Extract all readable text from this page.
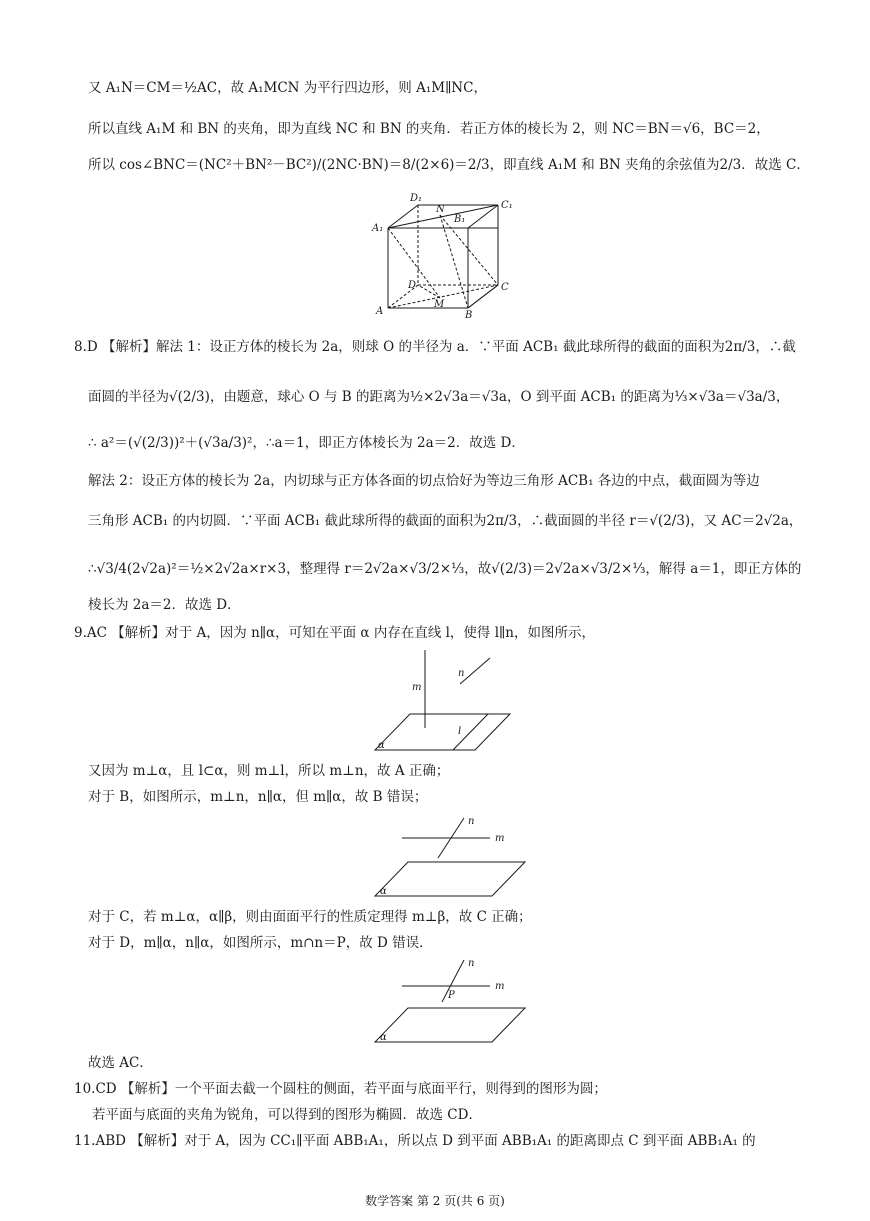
又 A₁N＝CM＝½AC，故 A₁MCN 为平行四边形，则 A₁M∥NC，
所以直线 A₁M 和 BN 的夹角，即为直线 NC 和 BN 的夹角．若正方体的棱长为 2，则 NC＝BN＝√6，BC＝2，
所以 cos∠BNC＝(NC²＋BN²－BC²)/(2NC·BN)＝8/(2×6)＝2/3，即直线 A₁M 和 BN 夹角的余弦值为2/3．故选 C．
D₁
N
B₁
C₁
A₁
D
M
C
A	B
8.D 【解析】解法 1：设正方体的棱长为 2a，则球 O 的半径为 a．∵平面 ACB₁ 截此球所得的截面的面积为2π/3，∴截
面圆的半径为√(2/3)，由题意，球心 O 与 B 的距离为½×2√3a＝√3a，O 到平面 ACB₁ 的距离为⅓×√3a＝√3a/3，
∴ a²＝(√(2/3))²＋(√3a/3)²，∴a＝1，即正方体棱长为 2a＝2．故选 D．
解法 2：设正方体的棱长为 2a，内切球与正方体各面的切点恰好为等边三角形 ACB₁ 各边的中点，截面圆为等边
三角形 ACB₁ 的内切圆．∵平面 ACB₁ 截此球所得的截面的面积为2π/3，∴截面圆的半径 r＝√(2/3)，又 AC＝2√2a，
∴√3/4(2√2a)²＝½×2√2a×r×3，整理得 r＝2√2a×√3/2×⅓，故√(2/3)＝2√2a×√3/2×⅓，解得 a＝1，即正方体的
棱长为 2a＝2．故选 D．
9.AC 【解析】对于 A，因为 n∥α，可知在平面 α 内存在直线 l，使得 l∥n，如图所示，
m
n
l
α
又因为 m⊥α，且 l⊂α，则 m⊥l，所以 m⊥n，故 A 正确；
对于 B，如图所示，m⊥n，n∥α，但 m∥α，故 B 错误；
n
m
α
对于 C，若 m⊥α，α∥β，则由面面平行的性质定理得 m⊥β，故 C 正确；
对于 D，m∥α，n∥α，如图所示，m∩n＝P，故 D 错误．
n
m
P
α
故选 AC．
10.CD 【解析】一个平面去截一个圆柱的侧面，若平面与底面平行，则得到的图形为圆；
若平面与底面的夹角为锐角，可以得到的图形为椭圆．故选 CD．
11.ABD 【解析】对于 A，因为 CC₁∥平面 ABB₁A₁，所以点 D 到平面 ABB₁A₁ 的距离即点 C 到平面 ABB₁A₁ 的
数学答案 第 2 页(共 6 页)
